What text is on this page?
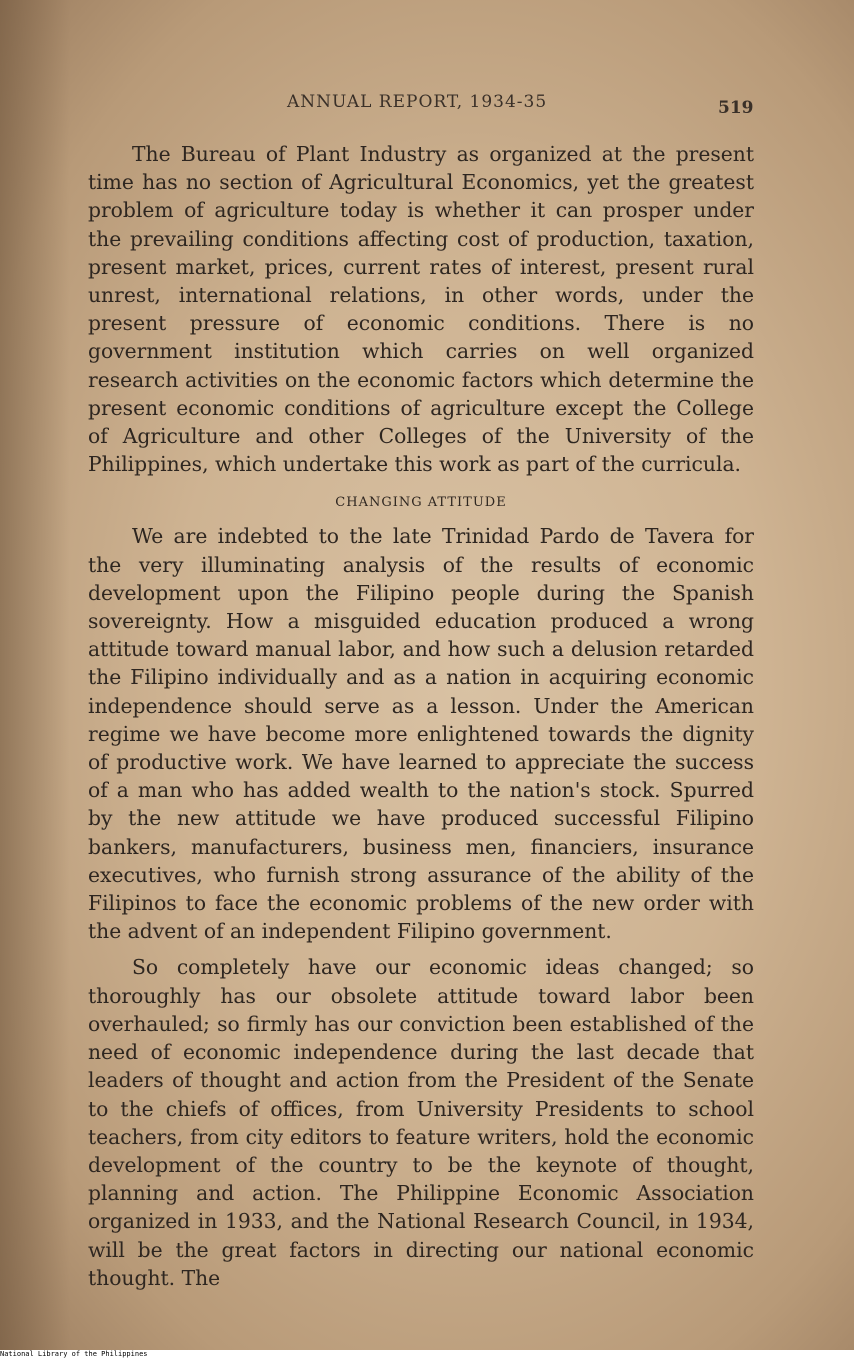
ANNUAL REPORT, 1934-35	519

The Bureau of Plant Industry as organized at the present time has no section of Agricultural Economics, yet the greatest problem of agriculture today is whether it can prosper under the prevailing conditions affecting cost of production, taxation, present market, prices, current rates of interest, present rural unrest, international relations, in other words, under the present pressure of economic conditions. There is no government institution which carries on well organized research activities on the economic factors which determine the present economic conditions of agriculture except the College of Agriculture and other Colleges of the University of the Philippines, which undertake this work as part of the curricula.

CHANGING ATTITUDE

We are indebted to the late Trinidad Pardo de Tavera for the very illuminating analysis of the results of economic development upon the Filipino people during the Spanish sovereignty. How a misguided education produced a wrong attitude toward manual labor, and how such a delusion retarded the Filipino individually and as a nation in acquiring economic independence should serve as a lesson. Under the American regime we have become more enlightened towards the dignity of productive work. We have learned to appreciate the success of a man who has added wealth to the nation's stock. Spurred by the new attitude we have produced successful Filipino bankers, manufacturers, business men, financiers, insurance executives, who furnish strong assurance of the ability of the Filipinos to face the economic problems of the new order with the advent of an independent Filipino government.

So completely have our economic ideas changed; so thoroughly has our obsolete attitude toward labor been overhauled; so firmly has our conviction been established of the need of economic independence during the last decade that leaders of thought and action from the President of the Senate to the chiefs of offices, from University Presidents to school teachers, from city editors to feature writers, hold the economic development of the country to be the keynote of thought, planning and action. The Philippine Economic Association organized in 1933, and the National Research Council, in 1934, will be the great factors in directing our national economic thought. The

National Library of the Philippines
